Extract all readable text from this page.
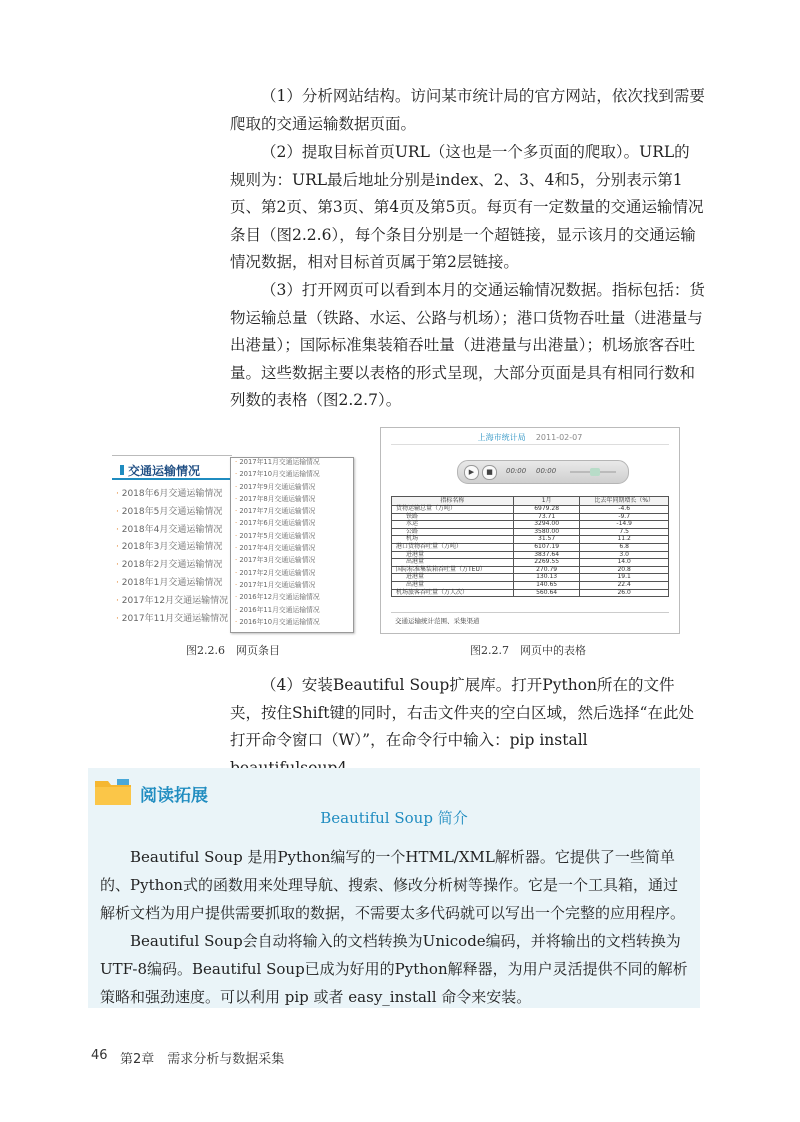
（1）分析网站结构。访问某市统计局的官方网站，依次找到需要爬取的交通运输数据页面。

（2）提取目标首页URL（这也是一个多页面的爬取）。URL的规则为：URL最后地址分别是index、2、3、4和5，分别表示第1页、第2页、第3页、第4页及第5页。每页有一定数量的交通运输情况条目（图2.2.6），每个条目分别是一个超链接，显示该月的交通运输情况数据，相对目标首页属于第2层链接。

（3）打开网页可以看到本月的交通运输情况数据。指标包括：货物运输总量（铁路、水运、公路与机场）；港口货物吞吐量（进港量与出港量）；国际标准集装箱吞吐量（进港量与出港量）；机场旅客吞吐量。这些数据主要以表格的形式呈现，大部分页面是具有相同行数和列数的表格（图2.2.7）。

交通运输情况
· 2018年6月交通运输情况
· 2018年5月交通运输情况
· 2018年4月交通运输情况
· 2018年3月交通运输情况
· 2018年2月交通运输情况
· 2018年1月交通运输情况
· 2017年12月交通运输情况
· 2017年11月交通运输情况
· 2017年11月交通运输情况
· 2017年10月交通运输情况
· 2017年9月交通运输情况
· 2017年8月交通运输情况
· 2017年7月交通运输情况
· 2017年6月交通运输情况
· 2017年5月交通运输情况
· 2017年4月交通运输情况
· 2017年3月交通运输情况
· 2017年2月交通运输情况
· 2017年1月交通运输情况
· 2016年12月交通运输情况
· 2016年11月交通运输情况
· 2016年10月交通运输情况
图2.2.6　网页条目
上海市统计局 2011-02-07
▶	■	00:00 00:00
指标名称	1月	比去年同期增长（%）
货物运输总量（万吨）	6979.28	-4.6
铁路	73.71	-9.7
水运	3294.00	-14.9
公路	3580.00	7.5
机场	31.57	11.2
港口货物吞吐量（万吨）	6107.19	6.8
进港量	3837.64	3.0
出港量	2269.55	14.0
国际标准集装箱吞吐量（万TEU）	270.79	20.8
进港量	130.13	19.1
出港量	140.65	22.4
机场旅客吞吐量（万人次）	560.64	26.0
交通运输统计范围、采集渠道
图2.2.7　网页中的表格

（4）安装Beautiful Soup扩展库。打开Python所在的文件夹，按住Shift键的同时，右击文件夹的空白区域，然后选择“在此处打开命令窗口（W）”，在命令行中输入：pip install

阅读拓展
Beautiful Soup 简介

Beautiful Soup 是用Python编写的一个HTML/XML解析器。它提供了一些简单的、Python式的函数用来处理导航、搜索、修改分析树等操作。它是一个工具箱，通过解析文档为用户提供需要抓取的数据，不需要太多代码就可以写出一个完整的应用程序。

Beautiful Soup会自动将输入的文档转换为Unicode编码，并将输出的文档转换为UTF-8编码。Beautiful Soup已成为好用的Python解释器，为用户灵活提供不同的解析策略和强劲速度。可以利用 pip 或者 easy_install 命令来安装。

46 第2章　需求分析与数据采集
